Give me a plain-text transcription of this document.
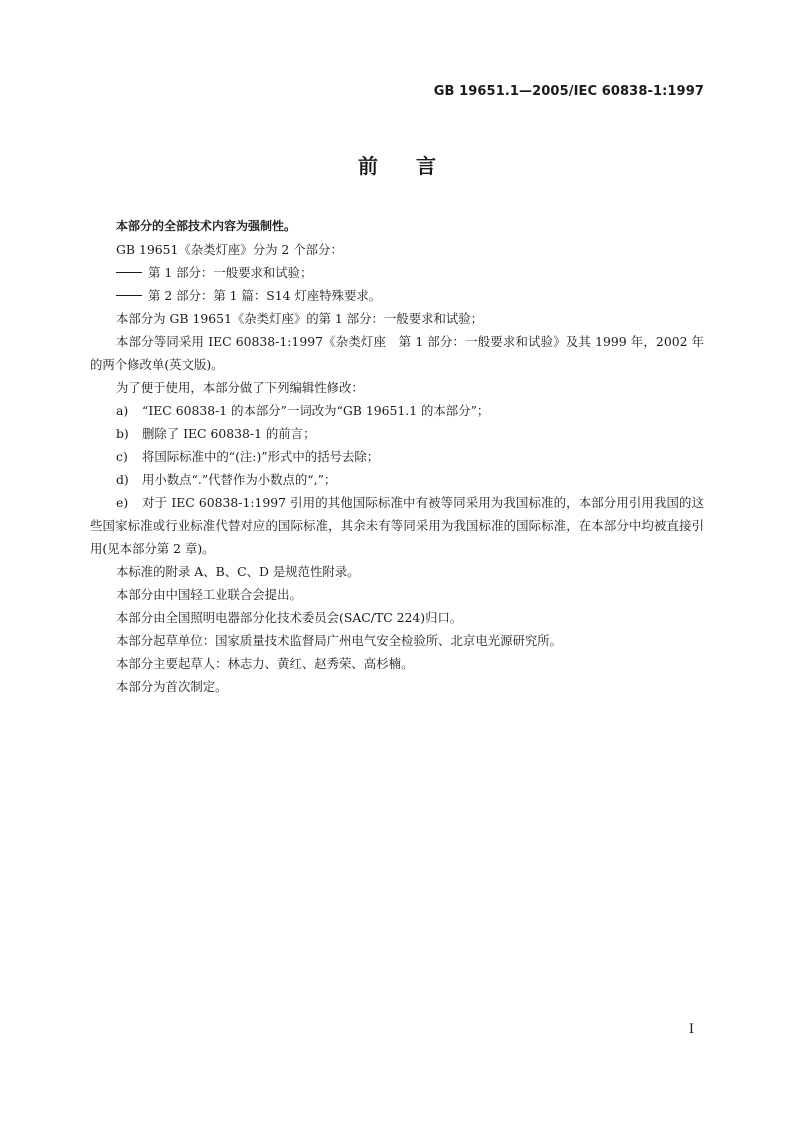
GB 19651.1—2005/IEC 60838-1:1997
前言

本部分的全部技术内容为强制性。

GB 19651《杂类灯座》分为 2 个部分：

第 1 部分：一般要求和试验；

第 2 部分：第 1 篇：S14 灯座特殊要求。

本部分为 GB 19651《杂类灯座》的第 1 部分：一般要求和试验；

本部分等同采用 IEC 60838-1:1997《杂类灯座　第 1 部分：一般要求和试验》及其 1999 年，2002 年的两个修改单(英文版)。

为了便于使用，本部分做了下列编辑性修改：

a) “IEC 60838-1 的本部分”一词改为“GB 19651.1 的本部分”；

b) 删除了 IEC 60838-1 的前言；

c) 将国际标准中的“(注:)”形式中的括号去除；

d) 用小数点“.”代替作为小数点的“,”；

e) 对于 IEC 60838-1:1997 引用的其他国际标准中有被等同采用为我国标准的，本部分用引用我国的这些国家标准或行业标准代替对应的国际标准，其余未有等同采用为我国标准的国际标准，在本部分中均被直接引用(见本部分第 2 章)。

本标准的附录 A、B、C、D 是规范性附录。

本部分由中国轻工业联合会提出。

本部分由全国照明电器部分化技术委员会(SAC/TC 224)归口。

本部分起草单位：国家质量技术监督局广州电气安全检验所、北京电光源研究所。

本部分主要起草人：林志力、黄红、赵秀荣、高杉楠。

本部分为首次制定。

I
